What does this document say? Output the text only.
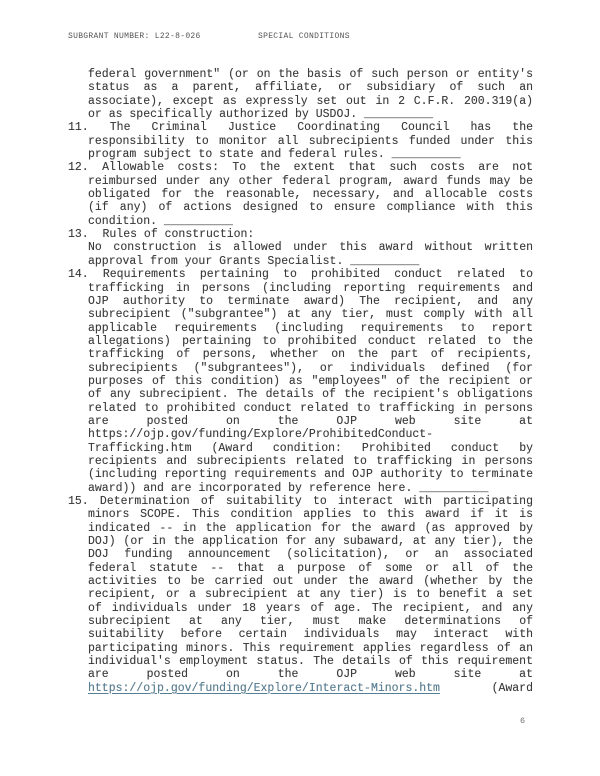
SUBGRANT NUMBER: L22-8-026	SPECIAL CONDITIONS
federal government" (or on the basis of such person or entity's
status as a parent, affiliate, or subsidiary of such an
associate), except as expressly set out in 2 C.F.R. 200.319(a)
or as specifically authorized by USDOJ. __________
11. The Criminal Justice Coordinating Council has the
responsibility to monitor all subrecipients funded under this
program subject to state and federal rules. __________
12. Allowable costs: To the extent that such costs are not
reimbursed under any other federal program, award funds may be
obligated for the reasonable, necessary, and allocable costs
(if any) of actions designed to ensure compliance with this
condition. __________
13.  Rules of construction:
No construction is allowed under this award without written
approval from your Grants Specialist. __________
14. Requirements pertaining to prohibited conduct related to
trafficking in persons (including reporting requirements and
OJP authority to terminate award) The recipient, and any
subrecipient ("subgrantee") at any tier, must comply with all
applicable requirements (including requirements to report
allegations) pertaining to prohibited conduct related to the
trafficking of persons, whether on the part of recipients,
subrecipients ("subgrantees"), or individuals defined (for
purposes of this condition) as "employees" of the recipient or
of any subrecipient. The details of the recipient's obligations
related to prohibited conduct related to trafficking in persons
are posted on the OJP web site at
https://ojp.gov/funding/Explore/ProhibitedConduct-
Trafficking.htm (Award condition: Prohibited conduct by
recipients and subrecipients related to trafficking in persons
(including reporting requirements and OJP authority to terminate
award)) and are incorporated by reference here. __________
15. Determination of suitability to interact with participating
minors SCOPE. This condition applies to this award if it is
indicated -- in the application for the award (as approved by
DOJ) (or in the application for any subaward, at any tier), the
DOJ funding announcement (solicitation), or an associated
federal statute -- that a purpose of some or all of the
activities to be carried out under the award (whether by the
recipient, or a subrecipient at any tier) is to benefit a set
of individuals under 18 years of age. The recipient, and any
subrecipient at any tier, must make determinations of
suitability before certain individuals may interact with
participating minors. This requirement applies regardless of an
individual's employment status. The details of this requirement
are posted on the OJP web site at
https://ojp.gov/funding/Explore/Interact-Minors.htm	(Award
6
